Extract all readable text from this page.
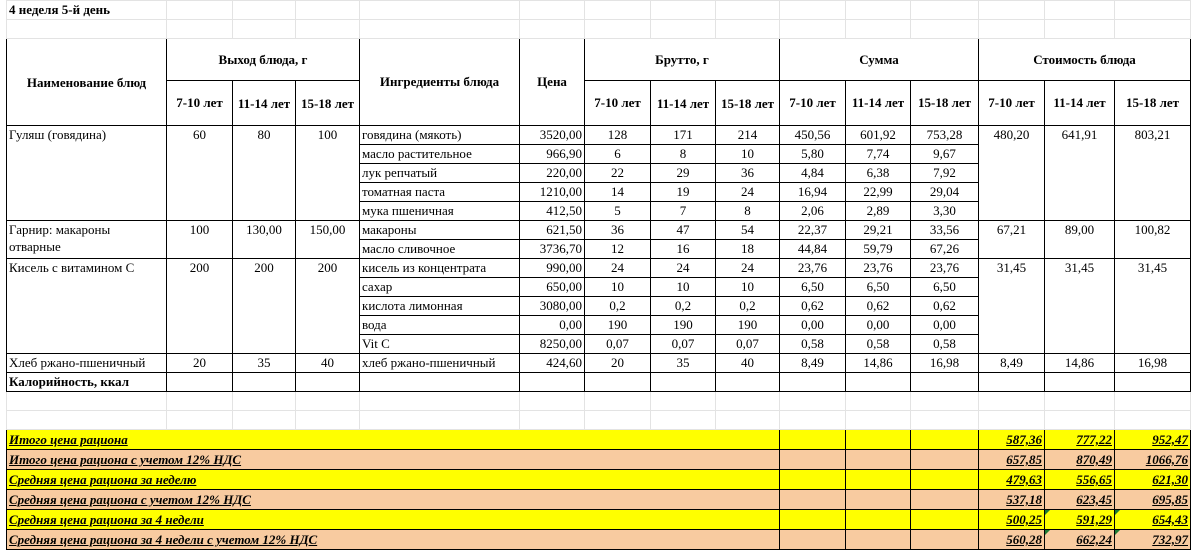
4 неделя 5-й день														

Наименование блюд	Выход блюда, г			Ингредиенты блюда	Цена	Брутто, г			Сумма			Стоимость блюда		
	7-10 лет	11-14 лет	15-18 лет			7-10 лет	11-14 лет	15-18 лет	7-10 лет	11-14 лет	15-18 лет	7-10 лет	11-14 лет	15-18 лет
Гуляш (говядина)	60	80	100	говядина (мякоть)	3520,00	128	171	214	450,56	601,92	753,28	480,20	641,91	803,21
				масло растительное	966,90	6	8	10	5,80	7,74	9,67			
				лук репчатый	220,00	22	29	36	4,84	6,38	7,92			
				томатная паста	1210,00	14	19	24	16,94	22,99	29,04			
				мука пшеничная	412,50	5	7	8	2,06	2,89	3,30			
Гарнир: макароны отварные	100	130,00	150,00	макароны	621,50	36	47	54	22,37	29,21	33,56	67,21	89,00	100,82
				масло сливочное	3736,70	12	16	18	44,84	59,79	67,26			
Кисель с витамином С	200	200	200	кисель из концентрата	990,00	24	24	24	23,76	23,76	23,76	31,45	31,45	31,45
				сахар	650,00	10	10	10	6,50	6,50	6,50			
				кислота лимонная	3080,00	0,2	0,2	0,2	0,62	0,62	0,62			
				вода	0,00	190	190	190	0,00	0,00	0,00			
				Vit C	8250,00	0,07	0,07	0,07	0,58	0,58	0,58			
Хлеб ржано-пшеничный	20	35	40	хлеб ржано-пшеничный	424,60	20	35	40	8,49	14,86	16,98	8,49	14,86	16,98
Калорийность, ккал														

Итого цена рациона												587,36	777,22	952,47
Итого цена рациона с учетом 12% НДС												657,85	870,49	1066,76
Средняя цена рациона за неделю												479,63	556,65	621,30
Средняя цена рациона с учетом 12% НДС												537,18	623,45	695,85
Средняя цена рациона за 4 недели												500,25	591,29	654,43
Средняя цена рациона за 4 недели с учетом 12% НДС												560,28	662,24	732,97
